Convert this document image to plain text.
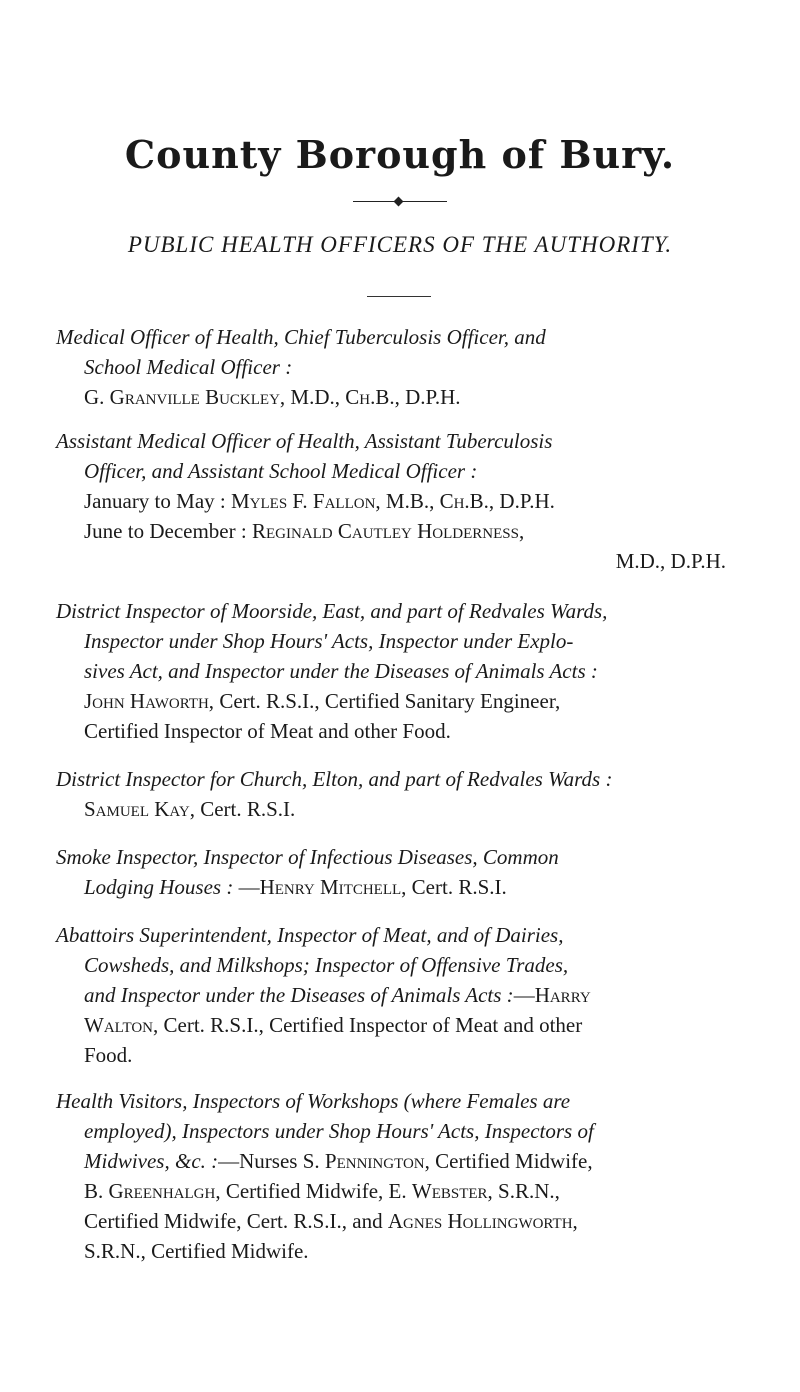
County Borough of Bury.
PUBLIC HEALTH OFFICERS OF THE AUTHORITY.
Medical Officer of Health, Chief Tuberculosis Officer, and
School Medical Officer :
G. Granville Buckley, M.D., Ch.B., D.P.H.
Assistant Medical Officer of Health, Assistant Tuberculosis
Officer, and Assistant School Medical Officer :
January to May : Myles F. Fallon, M.B., Ch.B., D.P.H.
June to December : Reginald Cautley Holderness,
M.D., D.P.H.
District Inspector of Moorside, East, and part of Redvales Wards,
Inspector under Shop Hours' Acts, Inspector under Explo-
sives Act, and Inspector under the Diseases of Animals Acts :
John Haworth, Cert. R.S.I., Certified Sanitary Engineer,
Certified Inspector of Meat and other Food.
District Inspector for Church, Elton, and part of Redvales Wards :
Samuel Kay, Cert. R.S.I.
Smoke Inspector, Inspector of Infectious Diseases, Common
Lodging Houses : —Henry Mitchell, Cert. R.S.I.
Abattoirs Superintendent, Inspector of Meat, and of Dairies,
Cowsheds, and Milkshops; Inspector of Offensive Trades,
and Inspector under the Diseases of Animals Acts :—Harry
Walton, Cert. R.S.I., Certified Inspector of Meat and other
Food.
Health Visitors, Inspectors of Workshops (where Females are
employed), Inspectors under Shop Hours' Acts, Inspectors of
Midwives, &c. :—Nurses S. Pennington, Certified Midwife,
B. Greenhalgh, Certified Midwife, E. Webster, S.R.N.,
Certified Midwife, Cert. R.S.I., and Agnes Hollingworth,
S.R.N., Certified Midwife.
